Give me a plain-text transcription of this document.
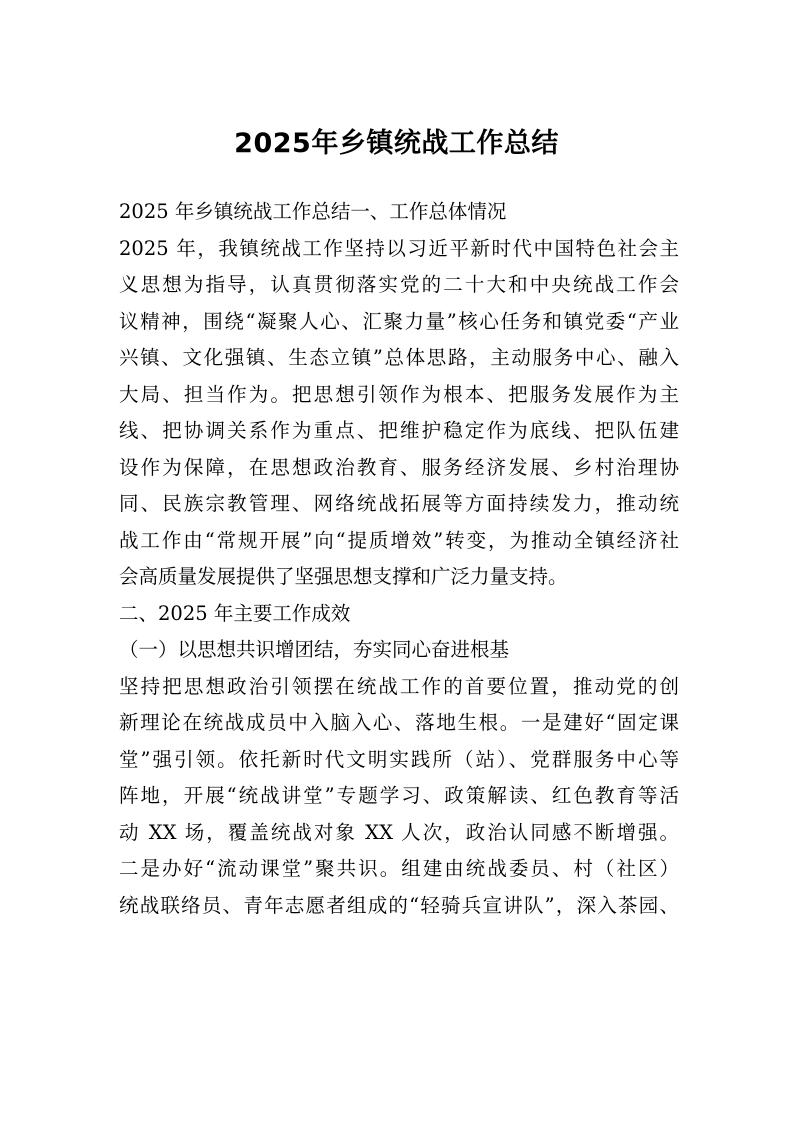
2025年乡镇统战工作总结
2025 年乡镇统战工作总结一、工作总体情况
2025 年，我镇统战工作坚持以习近平新时代中国特色社会主
义思想为指导，认真贯彻落实党的二十大和中央统战工作会
议精神，围绕“凝聚人心、汇聚力量”核心任务和镇党委“产业
兴镇、文化强镇、生态立镇”总体思路，主动服务中心、融入
大局、担当作为。把思想引领作为根本、把服务发展作为主
线、把协调关系作为重点、把维护稳定作为底线、把队伍建
设作为保障，在思想政治教育、服务经济发展、乡村治理协
同、民族宗教管理、网络统战拓展等方面持续发力，推动统
战工作由“常规开展”向“提质增效”转变，为推动全镇经济社
会高质量发展提供了坚强思想支撑和广泛力量支持。
二、2025 年主要工作成效
（一）以思想共识增团结，夯实同心奋进根基
坚持把思想政治引领摆在统战工作的首要位置，推动党的创
新理论在统战成员中入脑入心、落地生根。一是建好“固定课
堂”强引领。依托新时代文明实践所（站）、党群服务中心等
阵地，开展“统战讲堂”专题学习、政策解读、红色教育等活
动 XX 场，覆盖统战对象 XX 人次，政治认同感不断增强。
二是办好“流动课堂”聚共识。组建由统战委员、村（社区）
统战联络员、青年志愿者组成的“轻骑兵宣讲队”，深入茶园、
